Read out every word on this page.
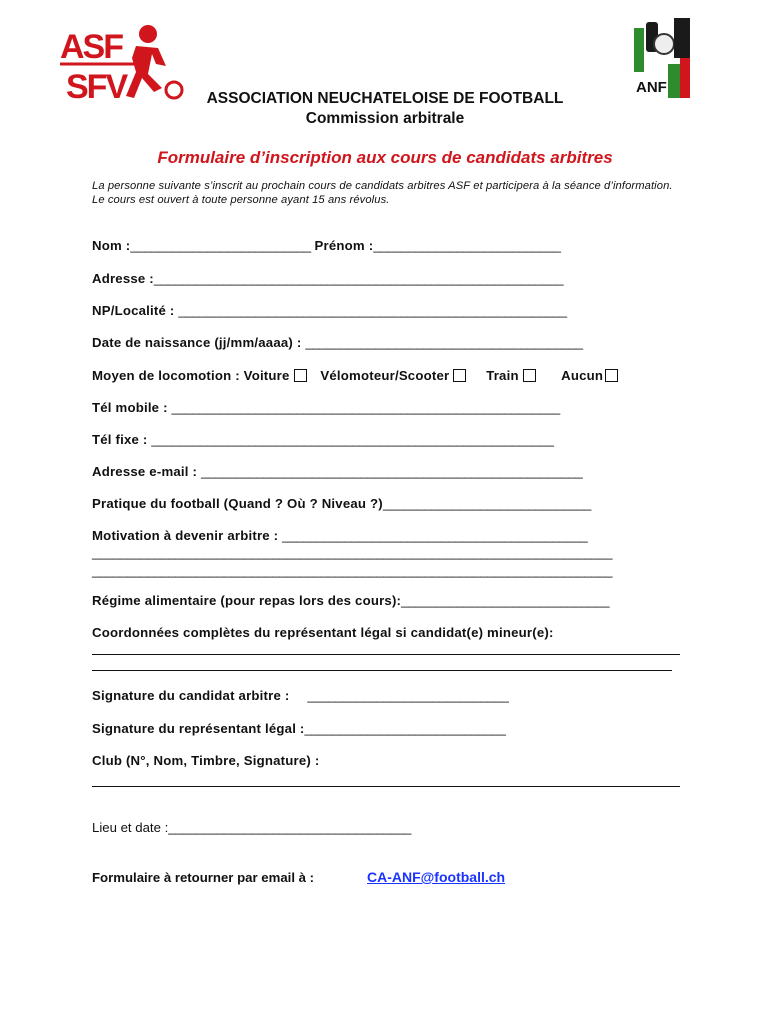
ASF
SFV	ANF
ASSOCIATION NEUCHATELOISE DE FOOTBALL
Commission arbitrale
Formulaire d’inscription aux cours de candidats arbitres
La personne suivante s’inscrit au prochain cours de candidats arbitres ASF et participera à la séance d’information. Le cours est ouvert à toute personne ayant 15 ans révolus.
Nom :__________________________ Prénom :___________________________
Adresse :___________________________________________________________
NP/Localité : ________________________________________________________
Date de naissance (jj/mm/aaaa) : ________________________________________
Moyen de locomotion : Voiture Vélomoteur/Scooter	Train	Aucun
Tél mobile : ________________________________________________________
Tél fixe : __________________________________________________________
Adresse e-mail : _______________________________________________________
Pratique du football (Quand ? Où ? Niveau ?)______________________________
Motivation à devenir arbitre : ____________________________________________
___________________________________________________________________________
___________________________________________________________________________
Régime alimentaire (pour repas lors des cours):______________________________
Coordonnées complètes du représentant légal si candidat(e) mineur(e):
Signature du candidat arbitre : _____________________________
Signature du représentant légal :_____________________________
Club (N°, Nom, Timbre, Signature) :
Lieu et date :___________________________________
Formulaire à retourner par email à :	CA-ANF@football.ch
